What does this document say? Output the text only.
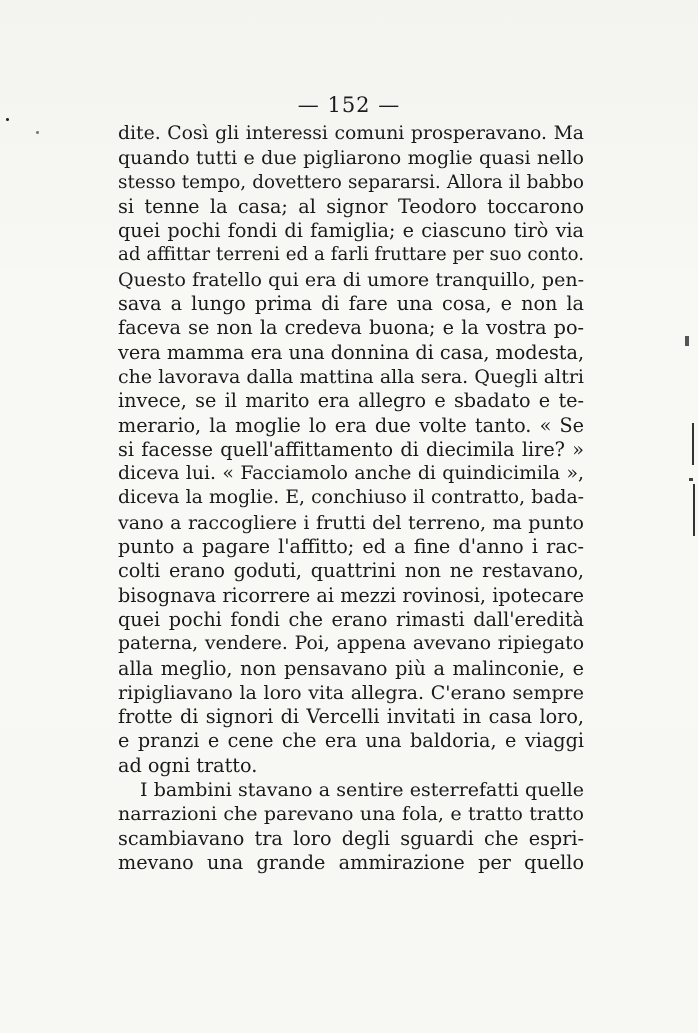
— 152 —
dite. Così gli interessi comuni prosperavano. Ma
quando tutti e due pigliarono moglie quasi nello
stesso tempo, dovettero separarsi. Allora il babbo
si tenne la casa; al signor Teodoro toccarono
quei pochi fondi di famiglia; e ciascuno tirò via
ad affittar terreni ed a farli fruttare per suo conto.
Questo fratello qui era di umore tranquillo, pen-
sava a lungo prima di fare una cosa, e non la
faceva se non la credeva buona; e la vostra po-
vera mamma era una donnina di casa, modesta,
che lavorava dalla mattina alla sera. Quegli altri
invece, se il marito era allegro e sbadato e te-
merario, la moglie lo era due volte tanto. « Se
si facesse quell'affittamento di diecimila lire? »
diceva lui. « Facciamolo anche di quindicimila »,
diceva la moglie. E, conchiuso il contratto, bada-
vano a raccogliere i frutti del terreno, ma punto
punto a pagare l'affitto; ed a fine d'anno i rac-
colti erano goduti, quattrini non ne restavano,
bisognava ricorrere ai mezzi rovinosi, ipotecare
quei pochi fondi che erano rimasti dall'eredità
paterna, vendere. Poi, appena avevano ripiegato
alla meglio, non pensavano più a malinconie, e
ripigliavano la loro vita allegra. C'erano sempre
frotte di signori di Vercelli invitati in casa loro,
e pranzi e cene che era una baldoria, e viaggi
ad ogni tratto.
I bambini stavano a sentire esterrefatti quelle
narrazioni che parevano una fola, e tratto tratto
scambiavano tra loro degli sguardi che espri-
mevano una grande ammirazione per quello
